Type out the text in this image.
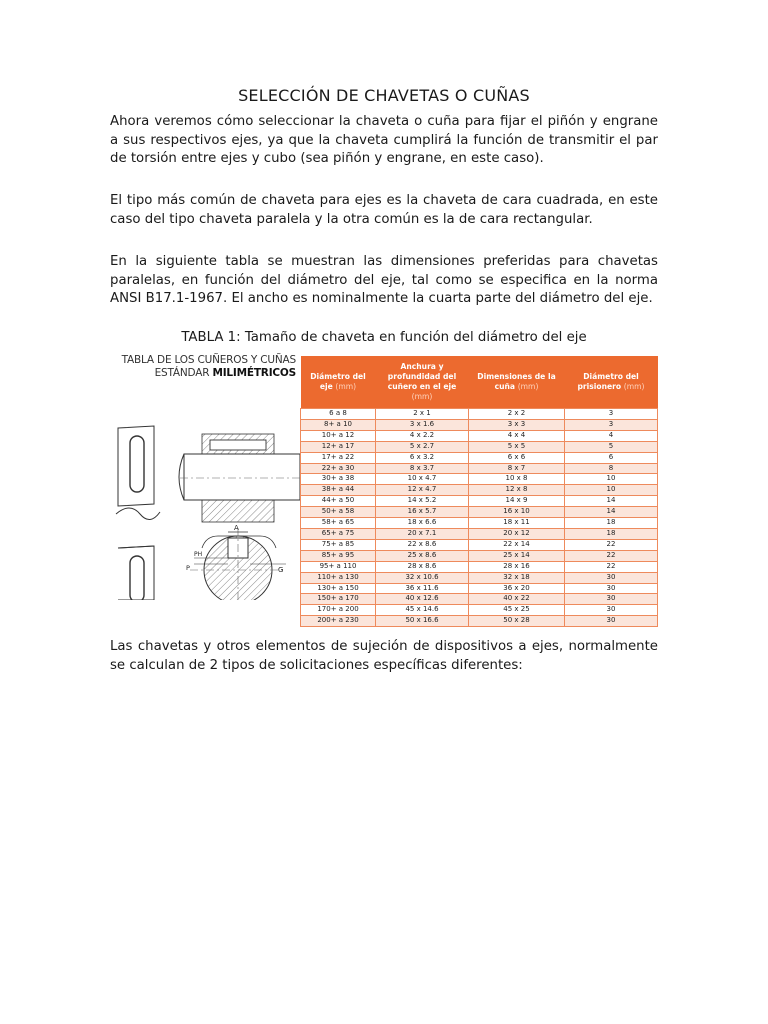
SELECCIÓN DE CHAVETAS O CUÑAS

Ahora veremos cómo seleccionar la chaveta o cuña para fijar el piñón y engrane a sus respectivos ejes, ya que la chaveta cumplirá la función de transmitir el par de torsión entre ejes y cubo (sea piñón y engrane, en este caso).

El tipo más común de chaveta para ejes es la chaveta de cara cuadrada, en este caso del tipo chaveta paralela y la otra común es la de cara rectangular.

En la siguiente tabla se muestran las dimensiones preferidas para chavetas paralelas, en función del diámetro del eje, tal como se especifica en la norma ANSI B17.1-1967. El ancho es nominalmente la cuarta parte del diámetro del eje.

TABLA 1: Tamaño de chaveta en función del diámetro del eje
TABLA DE LOS CUÑEROS Y CUÑAS
ESTÁNDAR MILIMÉTRICOS
A
PH
P	G
Diámetro del eje (mm)	Anchura y profundidad del cuñero en el eje (mm)	Dimensiones de la cuña (mm)	Diámetro del prisionero (mm)
6 a 8	2 x 1	2 x 2	3
8+ a 10	3 x 1.6	3 x 3	3
10+ a 12	4 x 2.2	4 x 4	4
12+ a 17	5 x 2.7	5 x 5	5
17+ a 22	6 x 3.2	6 x 6	6
22+ a 30	8 x 3.7	8 x 7	8
30+ a 38	10 x 4.7	10 x 8	10
38+ a 44	12 x 4.7	12 x 8	10
44+ a 50	14 x 5.2	14 x 9	14
50+ a 58	16 x 5.7	16 x 10	14
58+ a 65	18 x 6.6	18 x 11	18
65+ a 75	20 x 7.1	20 x 12	18
75+ a 85	22 x 8.6	22 x 14	22
85+ a 95	25 x 8.6	25 x 14	22
95+ a 110	28 x 8.6	28 x 16	22
110+ a 130	32 x 10.6	32 x 18	30
130+ a 150	36 x 11.6	36 x 20	30
150+ a 170	40 x 12.6	40 x 22	30
170+ a 200	45 x 14.6	45 x 25	30
200+ a 230	50 x 16.6	50 x 28	30

Las chavetas y otros elementos de sujeción de dispositivos a ejes, normalmente se calculan de 2 tipos de solicitaciones específicas diferentes:
